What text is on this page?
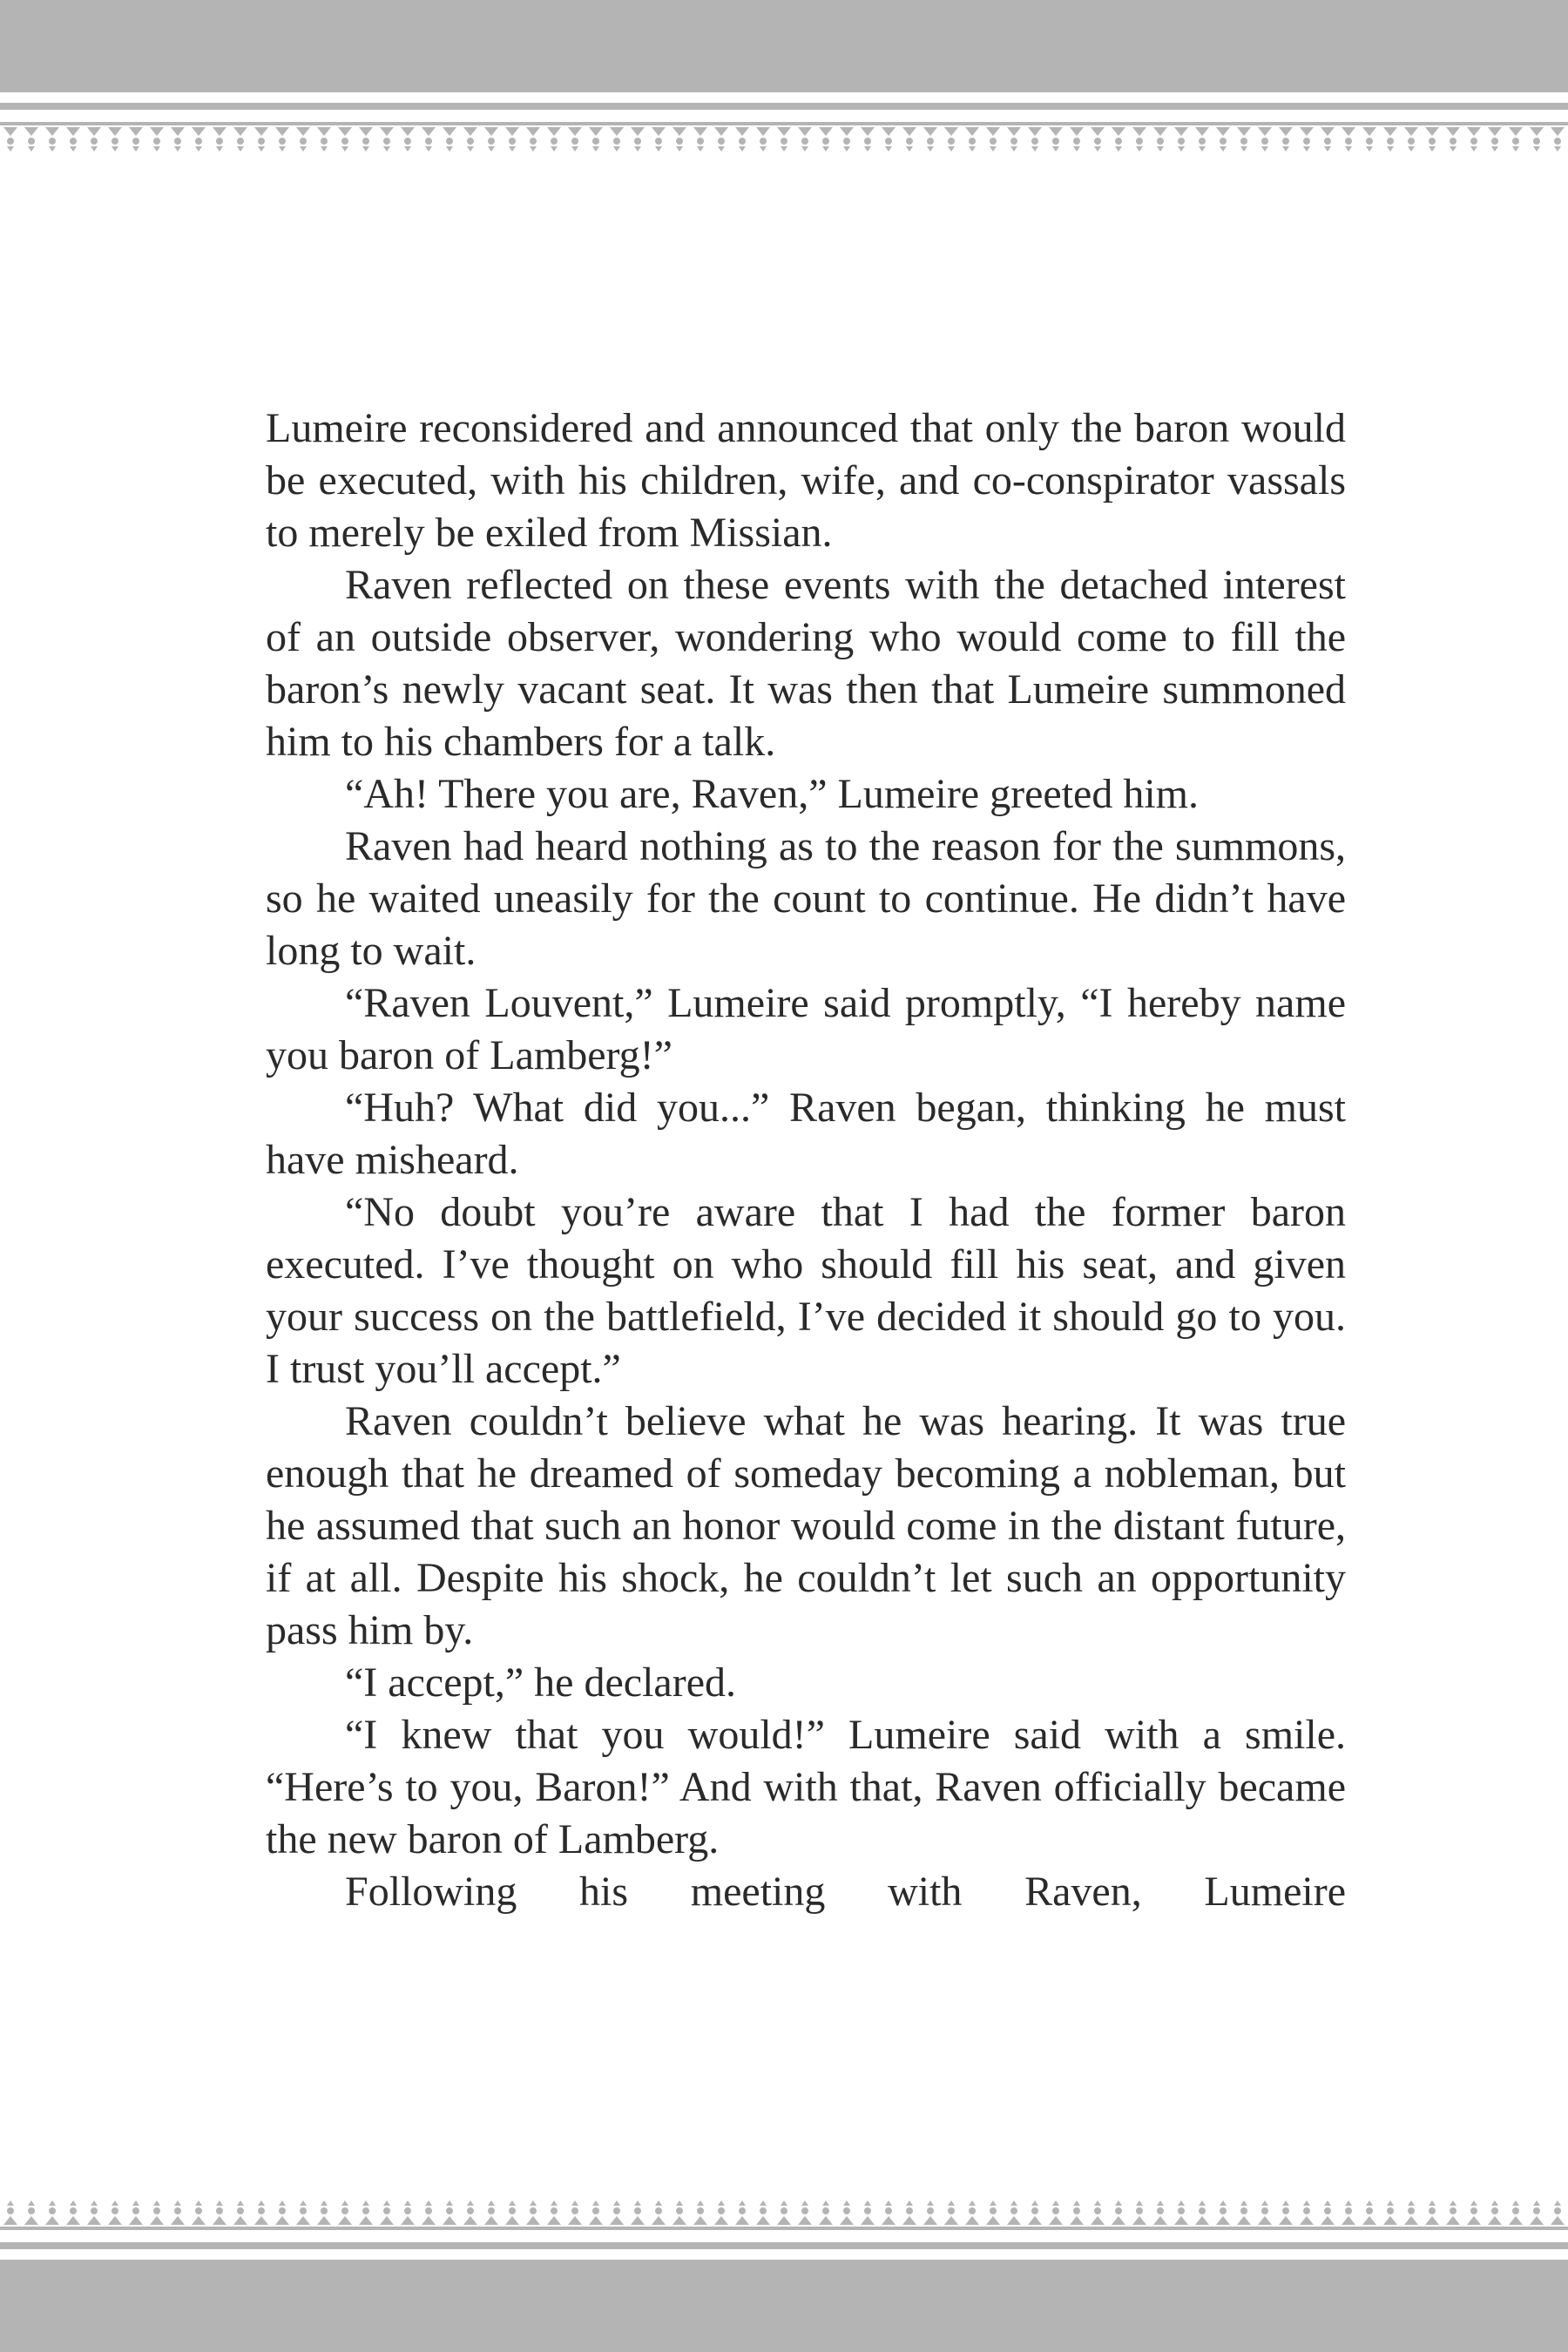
Lumeire reconsidered and announced that only the baron would be executed, with his children, wife, and co-conspirator vassals to merely be exiled from Missian.

Raven reflected on these events with the detached interest of an outside observer, wondering who would come to fill the baron’s newly vacant seat. It was then that Lumeire summoned him to his chambers for a talk.

“Ah! There you are, Raven,” Lumeire greeted him.

Raven had heard nothing as to the reason for the summons, so he waited uneasily for the count to continue. He didn’t have long to wait.

“Raven Louvent,” Lumeire said promptly, “I hereby name you baron of Lamberg!”

“Huh? What did you...” Raven began, thinking he must have misheard.

“No doubt you’re aware that I had the former baron executed. I’ve thought on who should fill his seat, and given your success on the battlefield, I’ve decided it should go to you. I trust you’ll accept.”

Raven couldn’t believe what he was hearing. It was true enough that he dreamed of someday becoming a nobleman, but he assumed that such an honor would come in the distant future, if at all. Despite his shock, he couldn’t let such an opportunity pass him by.

“I accept,” he declared.

“I knew that you would!” Lumeire said with a smile. “Here’s to you, Baron!” And with that, Raven officially became the new baron of Lamberg.

Following his meeting with Raven, Lumeire
